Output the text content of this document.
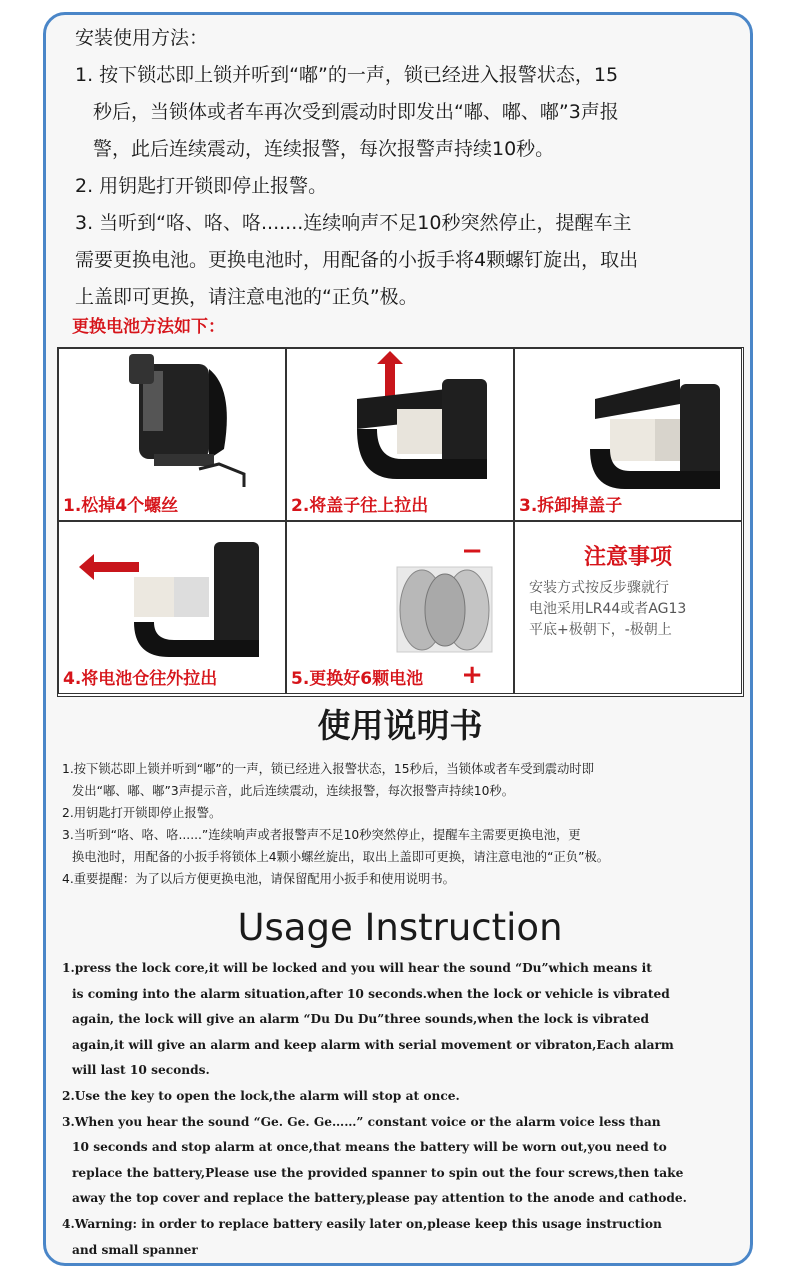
安装使用方法：

1. 按下锁芯即上锁并听到“嘟”的一声，锁已经进入报警状态，15

秒后，当锁体或者车再次受到震动时即发出“嘟、嘟、嘟”3声报

警，此后连续震动，连续报警，每次报警声持续10秒。

2. 用钥匙打开锁即停止报警。

3. 当听到“咯、咯、咯.......连续响声不足10秒突然停止，提醒车主

需要更换电池。更换电池时，用配备的小扳手将4颗螺钉旋出，取出

上盖即可更换，请注意电池的“正负”极。

更换电池方法如下：
1.松掉4个螺丝	2.将盖子往上拉出	3.拆卸掉盖子
4.将电池仓往外拉出
−
+
5.更换好6颗电池
注意事项
安装方式按反步骤就行
电池采用LR44或者AG13
平底+极朝下，-极朝上
使用说明书

1.按下锁芯即上锁并听到“嘟”的一声，锁已经进入报警状态，15秒后，当锁体或者车受到震动时即

发出“嘟、嘟、嘟”3声提示音，此后连续震动，连续报警，每次报警声持续10秒。

2.用钥匙打开锁即停止报警。

3.当听到“咯、咯、咯......”连续响声或者报警声不足10秒突然停止，提醒车主需要更换电池，更

换电池时，用配备的小扳手将锁体上4颗小螺丝旋出，取出上盖即可更换，请注意电池的“正负”极。

4.重要提醒：为了以后方便更换电池，请保留配用小扳手和使用说明书。

Usage Instruction

1.press the lock core,it will be locked and you will hear the sound “Du”which means it

is coming into the alarm situation,after 10 seconds.when the lock or vehicle is vibrated

again, the lock will give an alarm “Du Du Du”three sounds,when the lock is vibrated

again,it will give an alarm and keep alarm with serial movement or vibraton,Each alarm

will last 10 seconds.

2.Use the key to open the lock,the alarm will stop at once.

3.When you hear the sound “Ge. Ge. Ge……” constant voice or the alarm voice less than

10 seconds and stop alarm at once,that means the battery will be worn out,you need to

replace the battery,Please use the provided spanner to spin out the four screws,then take

away the top cover and replace the battery,please pay attention to the anode and cathode.

4.Warning: in order to replace battery easily later on,please keep this usage instruction

and small spanner
